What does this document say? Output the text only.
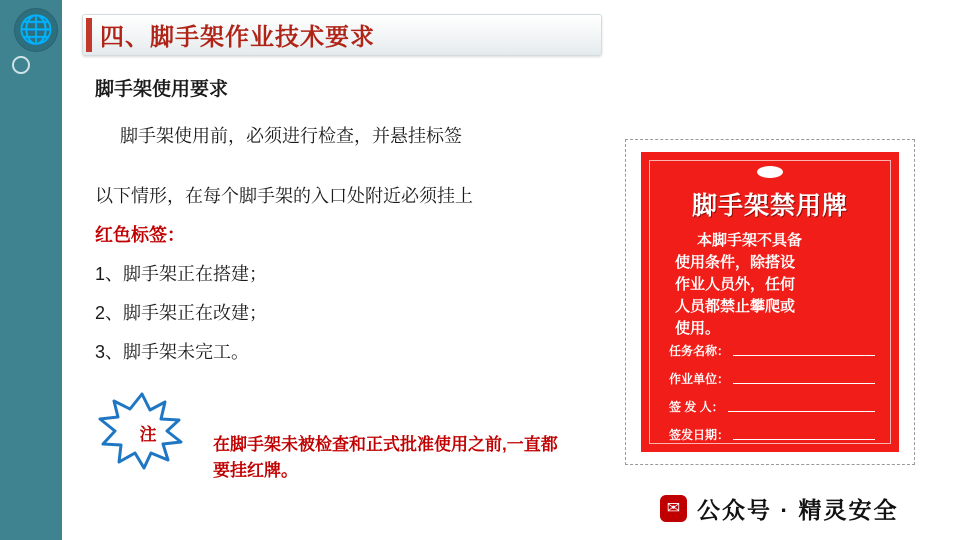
🌐 四、脚手架作业技术要求
脚手架使用要求
脚手架使用前，必须进行检查，并悬挂标签
以下情形，在每个脚手架的入口处附近必须挂上
红色标签：
1、脚手架正在搭建；
2、脚手架正在改建；
3、脚手架未完工。
注
在脚手架未被检查和正式批准使用之前,一直都要挂红牌。
脚手架禁用牌
本脚手架不具备
使用条件，除搭设
作业人员外，任何
人员都禁止攀爬或
使用。
任务名称：
作业单位：
签 发 人：
签发日期：
✉ 公众号 · 精灵安全
